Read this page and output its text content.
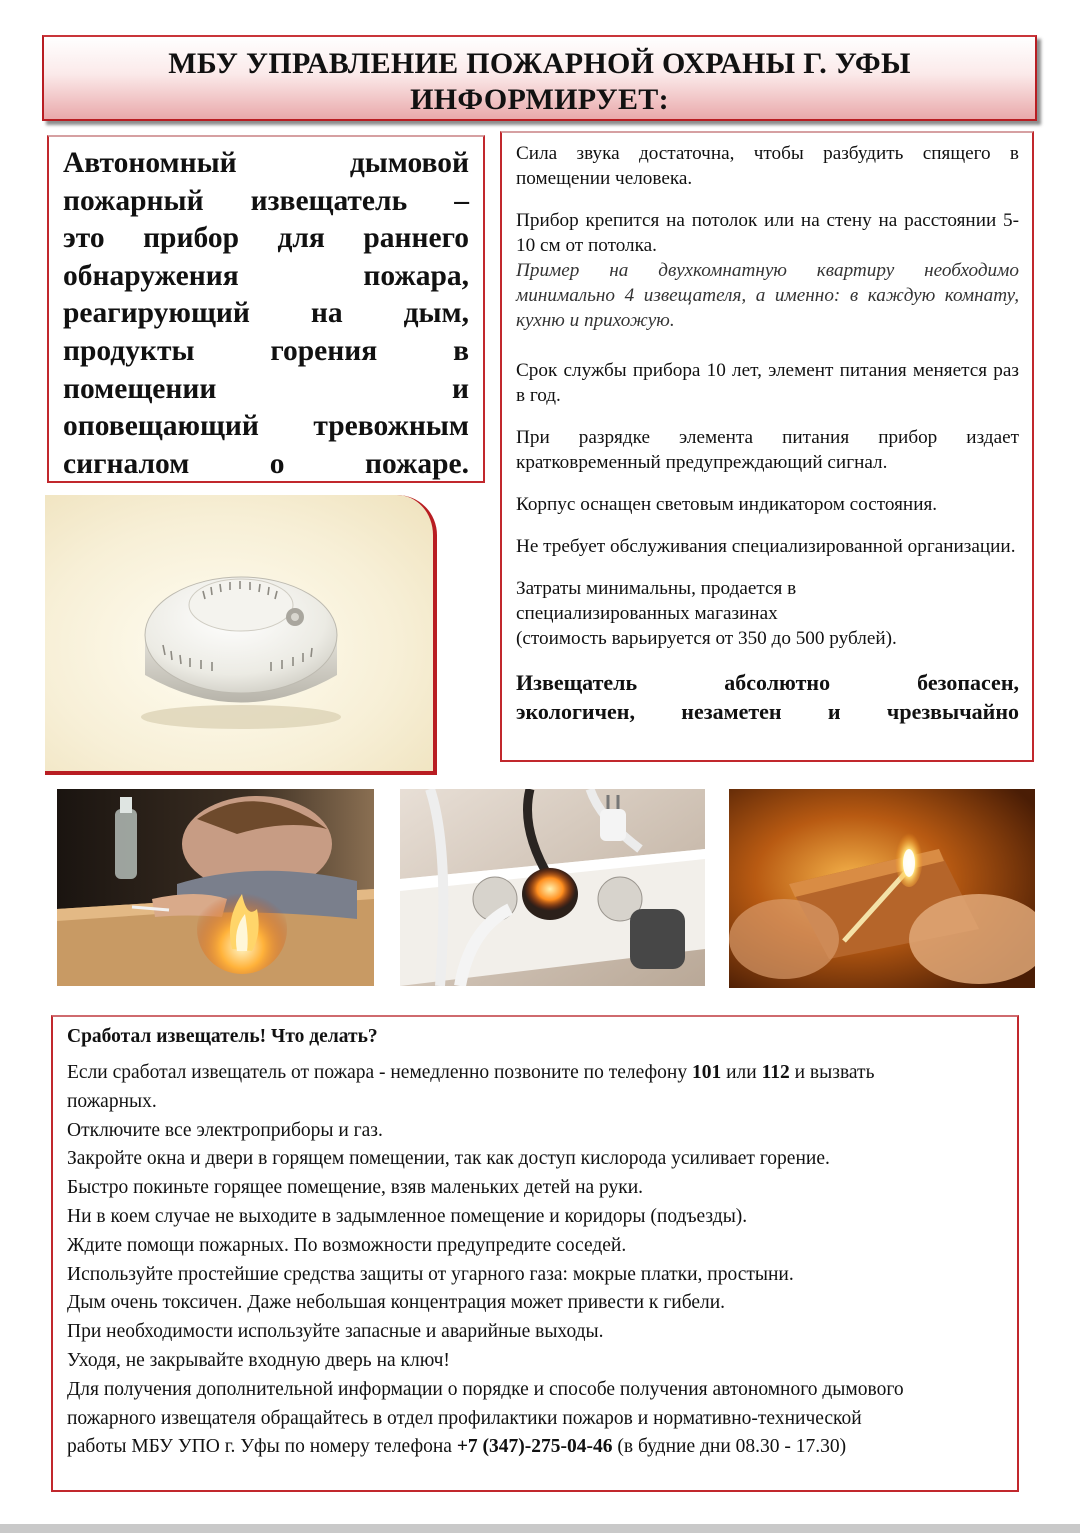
МБУ УПРАВЛЕНИЕ ПОЖАРНОЙ ОХРАНЫ Г. УФЫ
ИНФОРМИРУЕТ:

Автономный дымовой

пожарный извещатель –

это прибор для раннего

обнаружения пожара,

реагирующий на дым,

продукты горения в

помещении и

оповещающий тревожным

сигналом о пожаре.

Сила звука достаточна, чтобы разбудить спящего в помещении человека.

Прибор крепится на потолок или на стену на расстоянии 5-10 см от потолка.

Пример на двухкомнатную квартиру необходимо минимально 4 извещателя, а именно: в каждую комнату, кухню и прихожую.

Срок службы прибора 10 лет, элемент питания меняется раз в год.

При разрядке элемента питания прибор издает кратковременный предупреждающий сигнал.

Корпус оснащен световым индикатором состояния.

Не требует обслуживания специализированной организации.

Затраты минимальны, продается в

специализированных магазинах

(стоимость варьируется от 350 до 500 рублей).

Извещатель абсолютно безопасен,

экологичен, незаметен и чрезвычайно

Сработал извещатель! Что делать?

Если сработал извещатель от пожара - немедленно позвоните по телефону 101 или 112 и вызвать

пожарных.

Отключите все электроприборы и газ.

Закройте окна и двери в горящем помещении, так как доступ кислорода усиливает горение.

Быстро покиньте горящее помещение, взяв маленьких детей на руки.

Ни в коем случае не выходите в задымленное помещение и коридоры (подъезды).

Ждите помощи пожарных. По возможности предупредите соседей.

Используйте простейшие средства защиты от угарного газа: мокрые платки, простыни.

Дым очень токсичен. Даже небольшая концентрация может привести к гибели.

При необходимости используйте запасные и аварийные выходы.

Уходя, не закрывайте входную дверь на ключ!

Для получения дополнительной информации о порядке и способе получения автономного дымового

пожарного извещателя обращайтесь в отдел профилактики пожаров и нормативно-технической

работы МБУ УПО г. Уфы по номеру телефона +7 (347)-275-04-46 (в будние дни 08.30 - 17.30)
